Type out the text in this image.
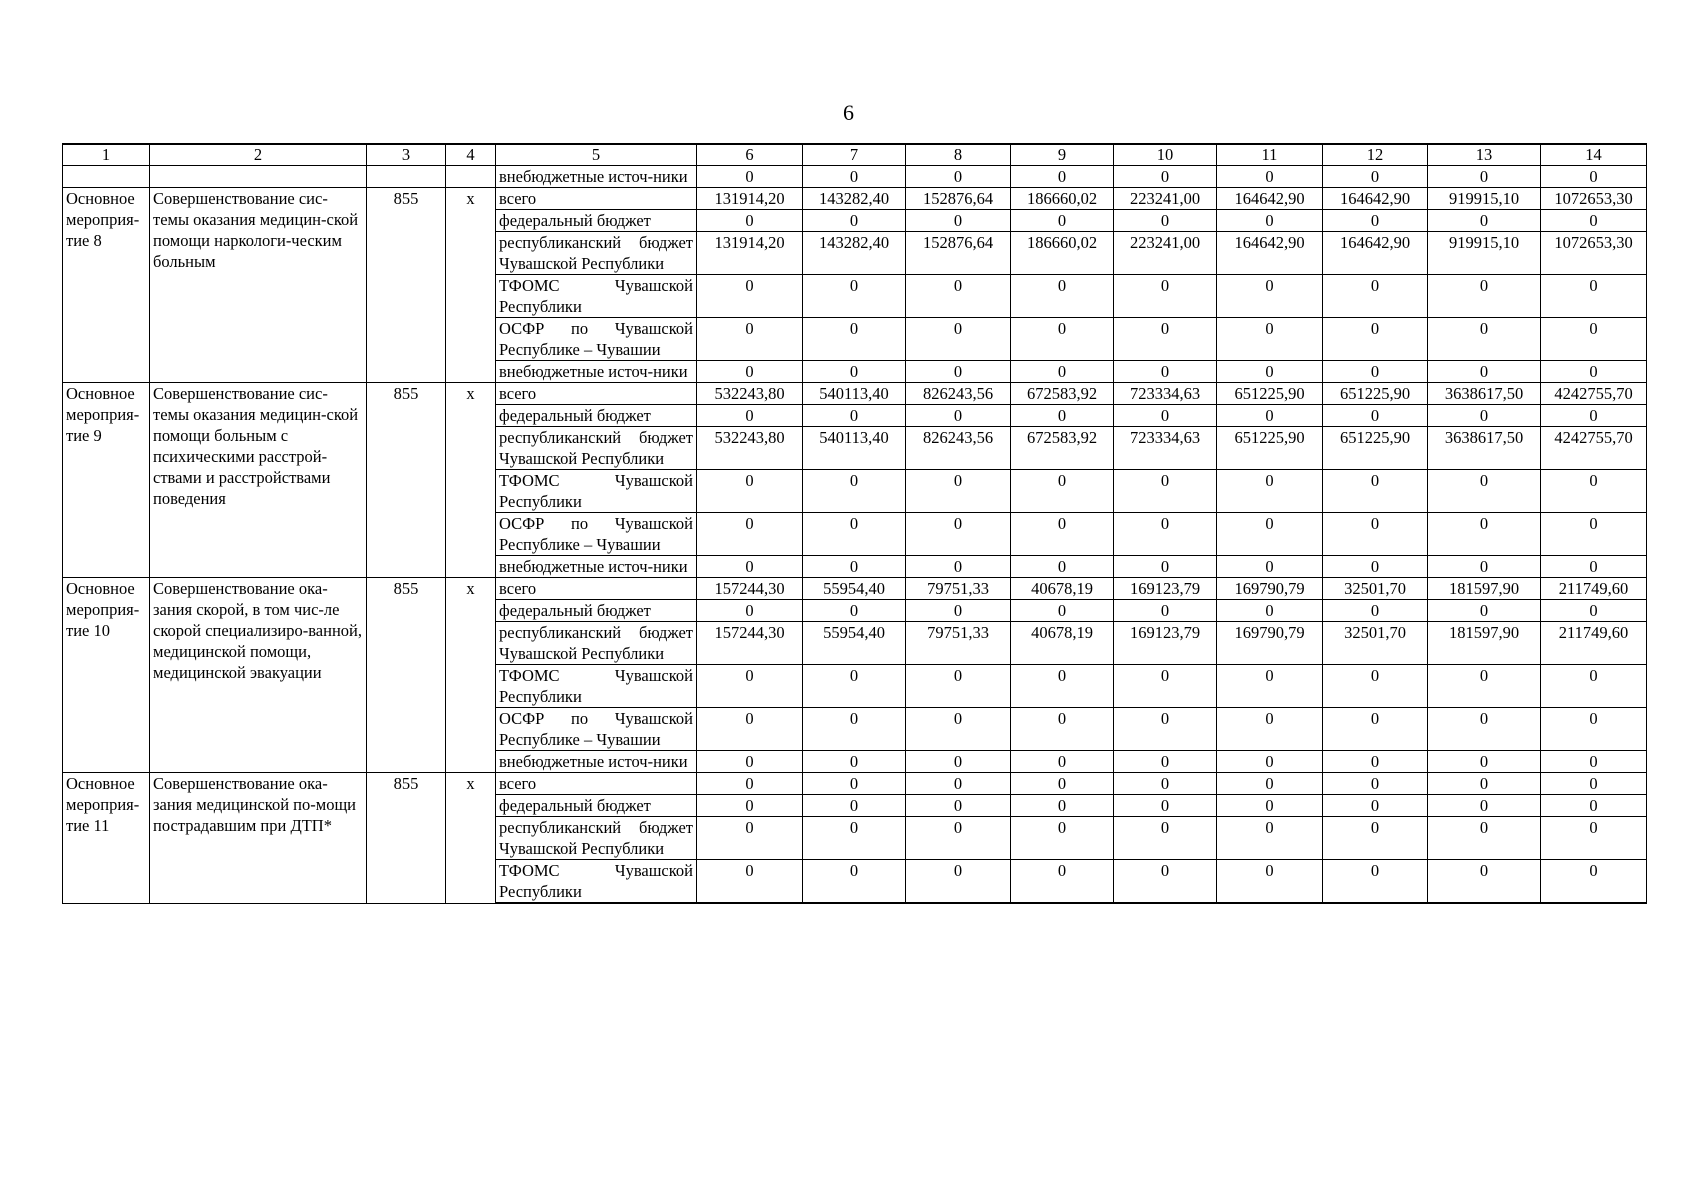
6
1	2	3	4	5	6	7	8	9	10	11	12	13	14
				внебюджетные источ-ники	0	0	0	0	0	0	0	0	0
Основное мероприя-тие 8	Совершенствование сис-темы оказания медицин-ской помощи наркологи-ческим больным	855	x	всего	131914,20	143282,40	152876,64	186660,02	223241,00	164642,90	164642,90	919915,10	1072653,30
				федеральный бюджет	0	0	0	0	0	0	0	0	0
				республиканский бюджет Чувашской Республики	131914,20	143282,40	152876,64	186660,02	223241,00	164642,90	164642,90	919915,10	1072653,30
				ТФОМС Чувашской Республики	0	0	0	0	0	0	0	0	0
				ОСФР по Чувашской Республике – Чувашии	0	0	0	0	0	0	0	0	0
				внебюджетные источ-ники	0	0	0	0	0	0	0	0	0
Основное мероприя-тие 9	Совершенствование сис-темы оказания медицин-ской помощи больным с психическими расстрой-ствами и расстройствами поведения	855	x	всего	532243,80	540113,40	826243,56	672583,92	723334,63	651225,90	651225,90	3638617,50	4242755,70
				федеральный бюджет	0	0	0	0	0	0	0	0	0
				республиканский бюджет Чувашской Республики	532243,80	540113,40	826243,56	672583,92	723334,63	651225,90	651225,90	3638617,50	4242755,70
				ТФОМС Чувашской Республики	0	0	0	0	0	0	0	0	0
				ОСФР по Чувашской Республике – Чувашии	0	0	0	0	0	0	0	0	0
				внебюджетные источ-ники	0	0	0	0	0	0	0	0	0
Основное мероприя-тие 10	Совершенствование ока-зания скорой, в том чис-ле скорой специализиро-ванной, медицинской помощи, медицинской эвакуации	855	x	всего	157244,30	55954,40	79751,33	40678,19	169123,79	169790,79	32501,70	181597,90	211749,60
				федеральный бюджет	0	0	0	0	0	0	0	0	0
				республиканский бюджет Чувашской Республики	157244,30	55954,40	79751,33	40678,19	169123,79	169790,79	32501,70	181597,90	211749,60
				ТФОМС Чувашской Республики	0	0	0	0	0	0	0	0	0
				ОСФР по Чувашской Республике – Чувашии	0	0	0	0	0	0	0	0	0
				внебюджетные источ-ники	0	0	0	0	0	0	0	0	0
Основное мероприя-тие 11	Совершенствование ока-зания медицинской по-мощи пострадавшим при ДТП*	855	x	всего	0	0	0	0	0	0	0	0	0
				федеральный бюджет	0	0	0	0	0	0	0	0	0
				республиканский бюджет Чувашской Республики	0	0	0	0	0	0	0	0	0
				ТФОМС Чувашской Республики	0	0	0	0	0	0	0	0	0
